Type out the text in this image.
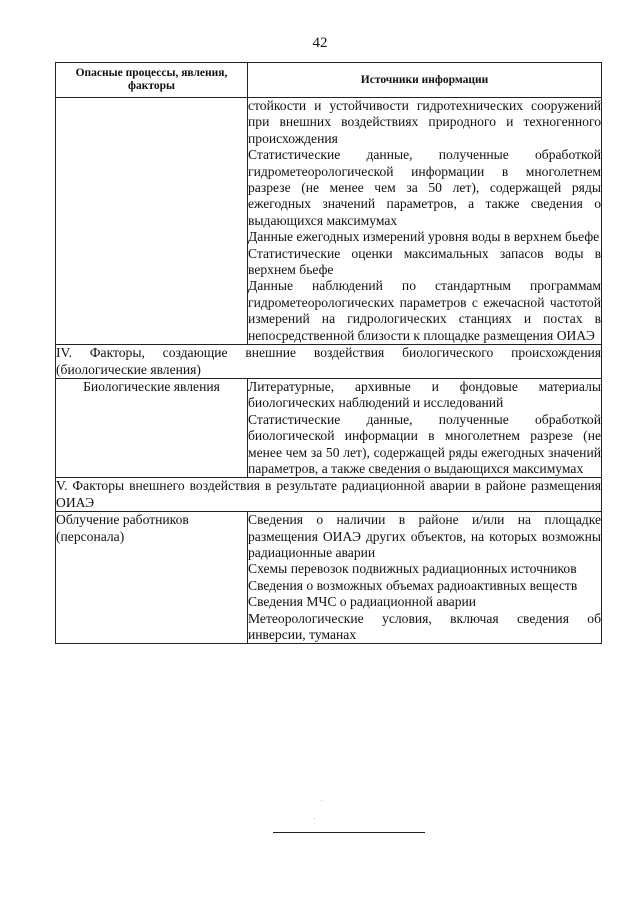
42
Опасные процессы, явления, факторы	Источники информации

	стойкости и устойчивости гидротехнических сооружений при внешних воздействиях природного и техногенного происхождения

Статистические данные, полученные обработкой гидрометеорологической информации в многолетнем разрезе (не менее чем за 50 лет), содержащей ряды ежегодных значений параметров, а также сведения о выдающихся максимумах

Данные ежегодных измерений уровня воды в верхнем бьефе

Статистические оценки максимальных запасов воды в верхнем бьефе

Данные наблюдений по стандартным программам гидрометеорологических параметров с ежечасной частотой измерений на гидрологических станциях и постах в непосредственной близости к площадке размещения ОИАЭ

IV. Факторы, создающие внешние воздействия биологического происхождения (биологические явления)	

Биологические явления	Литературные, архивные и фондовые материалы биологических наблюдений и исследований

Статистические данные, полученные обработкой биологической информации в многолетнем разрезе (не менее чем за 50 лет), содержащей ряды ежегодных значений параметров, а также сведения о выдающихся максимумах

V. Факторы внешнего воздействия в результате радиационной аварии в районе размещения ОИАЭ	

Облучение работников (персонала)	Сведения о наличии в районе и/или на площадке размещения ОИАЭ других объектов, на которых возможны радиационные аварии

Схемы перевозок подвижных радиационных источников

Сведения о возможных объемах радиоактивных веществ

Сведения МЧС о радиационной аварии

Метеорологические условия, включая сведения об инверсии, туманах
